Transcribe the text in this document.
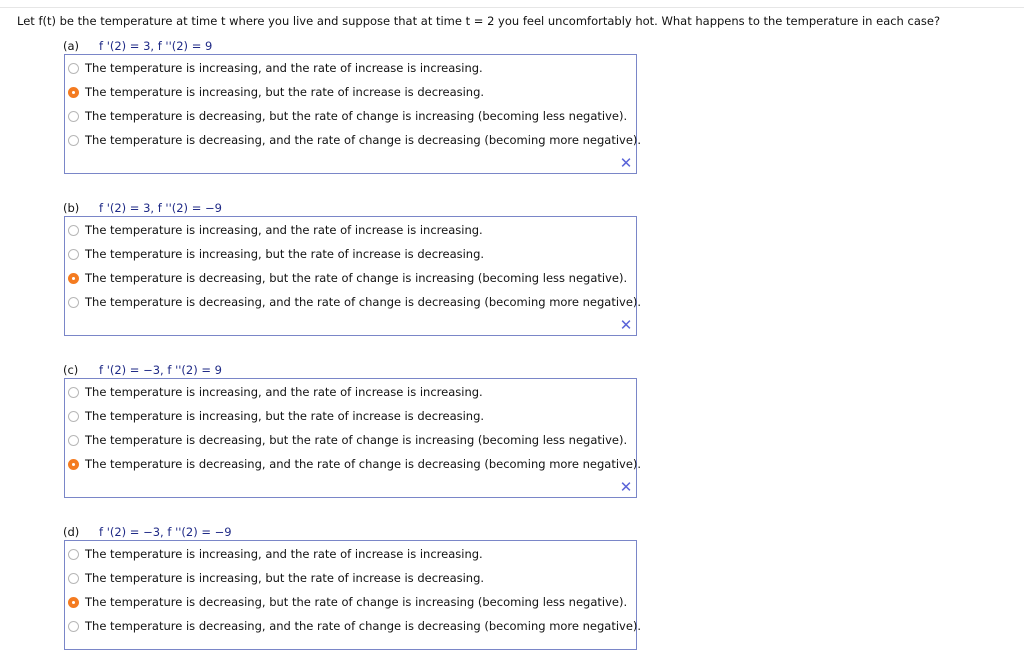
Let f(t) be the temperature at time t where you live and suppose that at time t = 2 you feel uncomfortably hot. What happens to the temperature in each case?
(a) f '(2) = 3, f ''(2) = 9
The temperature is increasing, and the rate of increase is increasing.
The temperature is increasing, but the rate of increase is decreasing.
The temperature is decreasing, but the rate of change is increasing (becoming less negative).
The temperature is decreasing, and the rate of change is decreasing (becoming more negative).
✕
(b) f '(2) = 3, f ''(2) = −9
The temperature is increasing, and the rate of increase is increasing.
The temperature is increasing, but the rate of increase is decreasing.
The temperature is decreasing, but the rate of change is increasing (becoming less negative).
The temperature is decreasing, and the rate of change is decreasing (becoming more negative).
✕
(c) f '(2) = −3, f ''(2) = 9
The temperature is increasing, and the rate of increase is increasing.
The temperature is increasing, but the rate of increase is decreasing.
The temperature is decreasing, but the rate of change is increasing (becoming less negative).
The temperature is decreasing, and the rate of change is decreasing (becoming more negative).
✕
(d) f '(2) = −3, f ''(2) = −9
The temperature is increasing, and the rate of increase is increasing.
The temperature is increasing, but the rate of increase is decreasing.
The temperature is decreasing, but the rate of change is increasing (becoming less negative).
The temperature is decreasing, and the rate of change is decreasing (becoming more negative).
